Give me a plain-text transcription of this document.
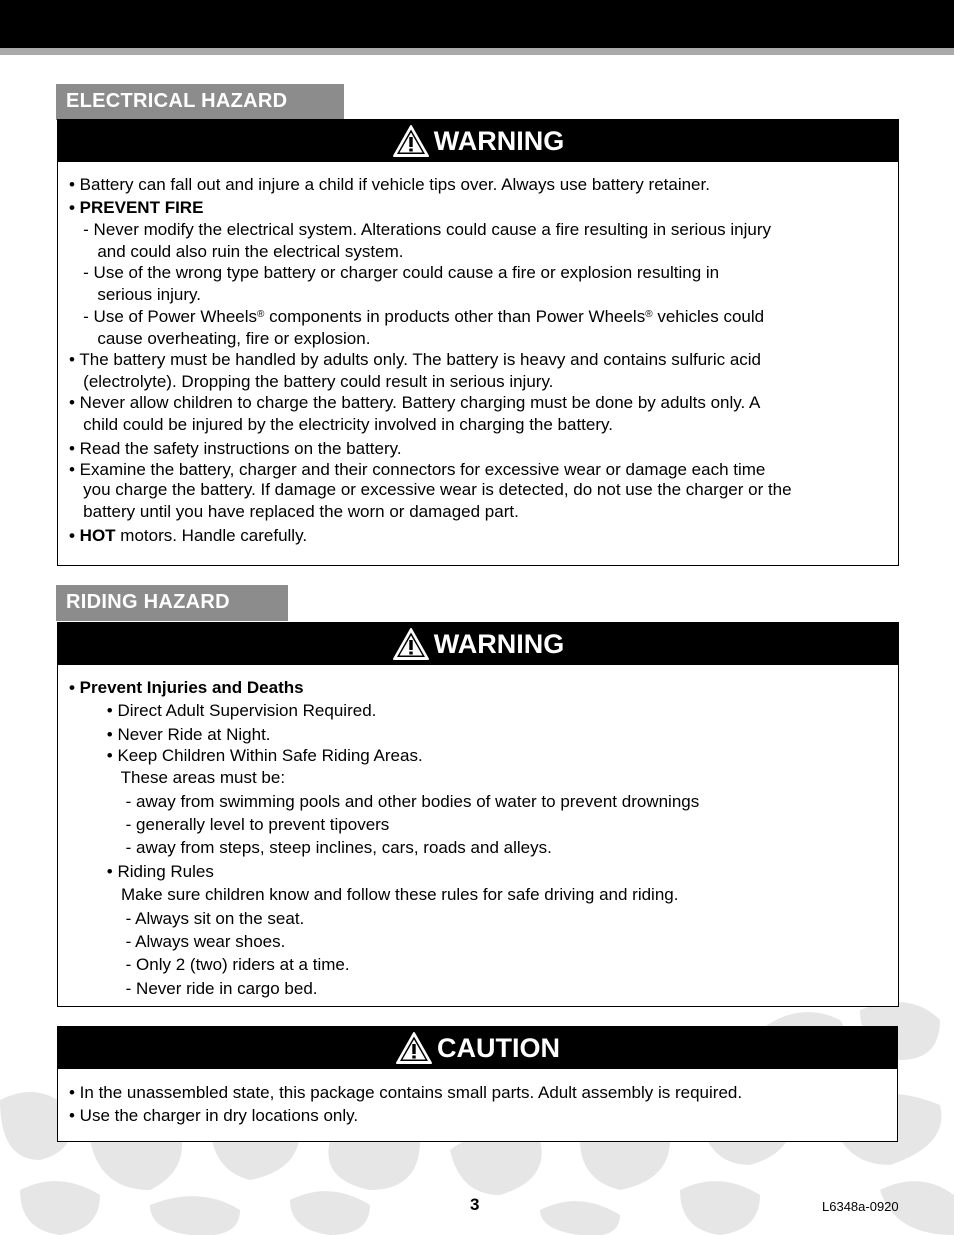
ELECTRICAL HAZARD
WARNING
• Battery can fall out and injure a child if vehicle tips over. Always use battery retainer.
• PREVENT FIRE
- Never modify the electrical system. Alterations could cause a fire resulting in serious injury
and could also ruin the electrical system.
- Use of the wrong type battery or charger could cause a fire or explosion resulting in
serious injury.
- Use of Power Wheels® components in products other than Power Wheels® vehicles could
cause overheating, fire or explosion.
• The battery must be handled by adults only. The battery is heavy and contains sulfuric acid
(electrolyte). Dropping the battery could result in serious injury.
• Never allow children to charge the battery. Battery charging must be done by adults only. A
child could be injured by the electricity involved in charging the battery.
• Read the safety instructions on the battery.
• Examine the battery, charger and their connectors for excessive wear or damage each time
you charge the battery. If damage or excessive wear is detected, do not use the charger or the
battery until you have replaced the worn or damaged part.
• HOT motors. Handle carefully.
RIDING HAZARD
WARNING
• Prevent Injuries and Deaths
• Direct Adult Supervision Required.
• Never Ride at Night.
• Keep Children Within Safe Riding Areas.
These areas must be:
- away from swimming pools and other bodies of water to prevent drownings
- generally level to prevent tipovers
- away from steps, steep inclines, cars, roads and alleys.
• Riding Rules
Make sure children know and follow these rules for safe driving and riding.
- Always sit on the seat.
- Always wear shoes.
- Only 2 (two) riders at a time.
- Never ride in cargo bed.
CAUTION
• In the unassembled state, this package contains small parts. Adult assembly is required.
• Use the charger in dry locations only.
3	L6348a-0920
